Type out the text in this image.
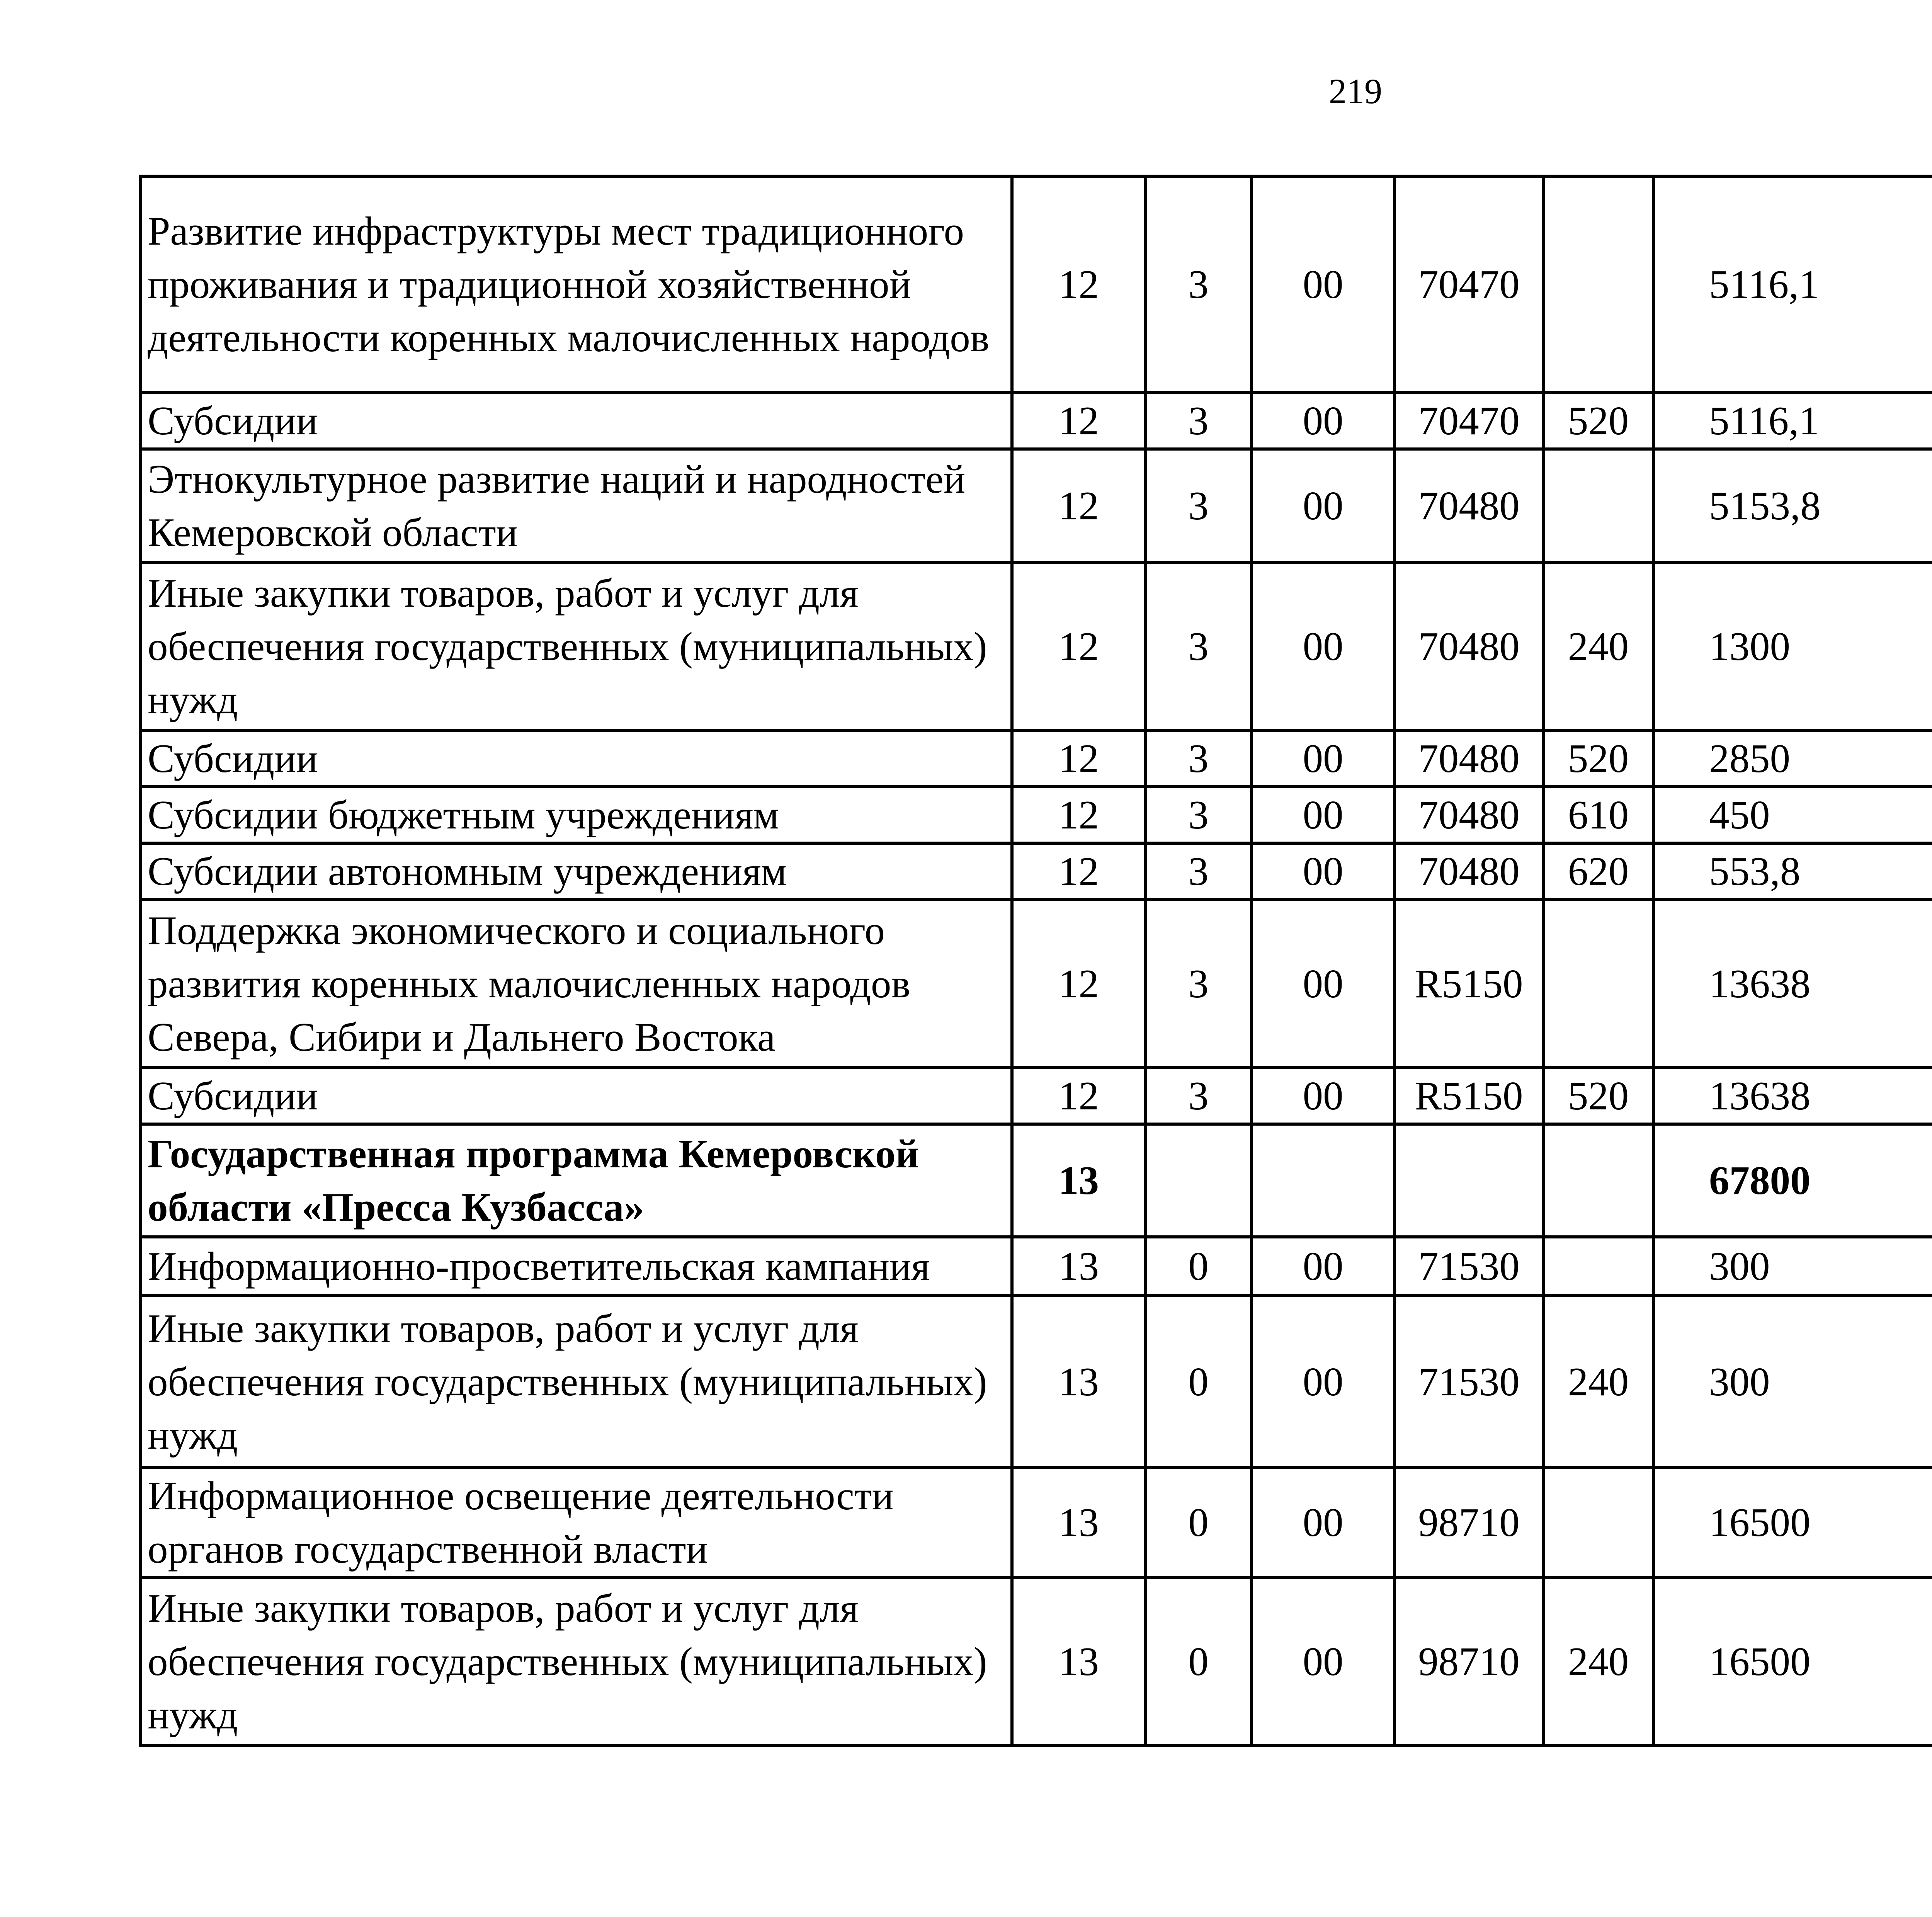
219
Развитие инфраструктуры мест традиционного проживания и традиционной хозяйственной деятельности коренных малочисленных народов	12	3	00	70470		5116,1		
Субсидии	12	3	00	70470	520	5116,1		
Этнокультурное развитие наций и народностей Кемеровской области	12	3	00	70480		5153,8		
Иные закупки товаров, работ и услуг для обеспечения государственных (муниципальных) нужд	12	3	00	70480	240	1300		
Субсидии	12	3	00	70480	520	2850		
Субсидии бюджетным учреждениям	12	3	00	70480	610	450		
Субсидии автономным учреждениям	12	3	00	70480	620	553,8		
Поддержка экономического и социального развития коренных малочисленных народов Севера, Сибири и Дальнего Востока	12	3	00	R5150		13638		
Субсидии	12	3	00	R5150	520	13638		
Государственная программа Кемеровской области «Пресса Кузбасса»	13					67800		
Информационно-просветительская кампания	13	0	00	71530		300		
Иные закупки товаров, работ и услуг для обеспечения государственных (муниципальных) нужд	13	0	00	71530	240	300		
Информационное освещение деятельности органов государственной власти	13	0	00	98710		16500		
Иные закупки товаров, работ и услуг для обеспечения государственных (муниципальных) нужд	13	0	00	98710	240	16500		
